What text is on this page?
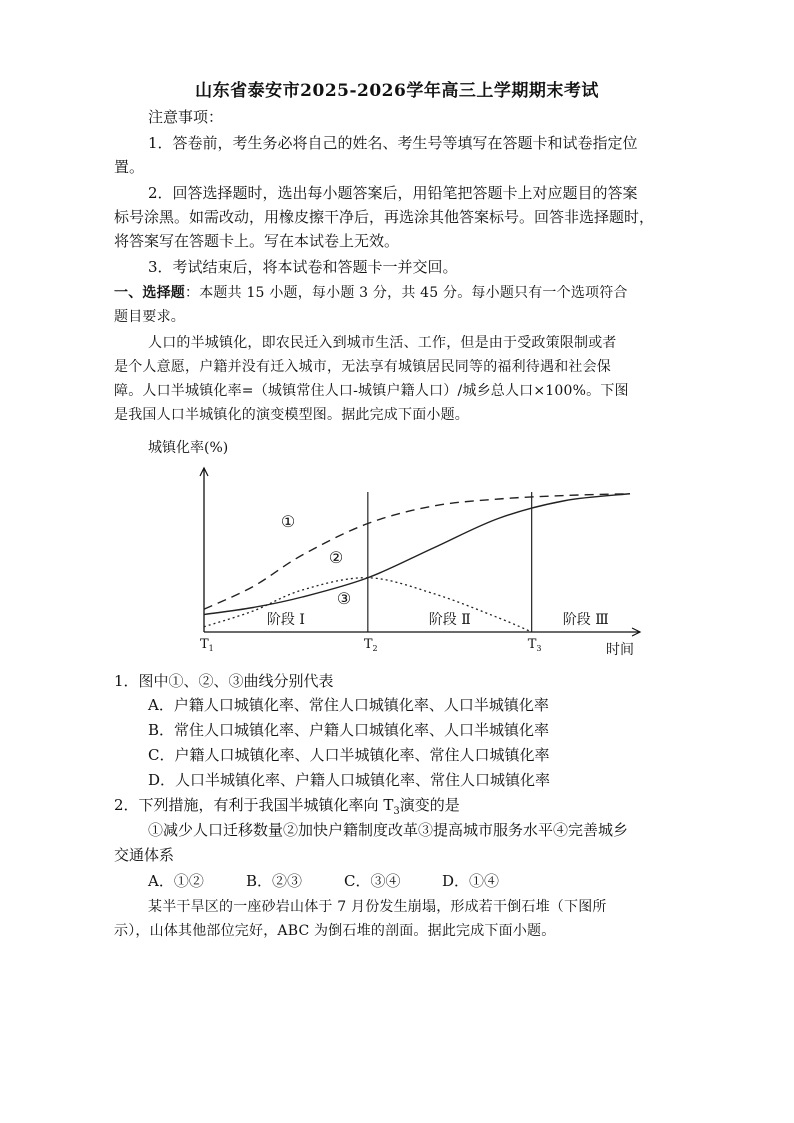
山东省泰安市2025-2026学年高三上学期期末考试
注意事项：
1．答卷前，考生务必将自己的姓名、考生号等填写在答题卡和试卷指定位
置。
2．回答选择题时，选出每小题答案后，用铅笔把答题卡上对应题目的答案
标号涂黑。如需改动，用橡皮擦干净后，再选涂其他答案标号。回答非选择题时，
将答案写在答题卡上。写在本试卷上无效。
3．考试结束后，将本试卷和答题卡一并交回。
一、选择题：本题共 15 小题，每小题 3 分，共 45 分。每小题只有一个选项符合
题目要求。
人口的半城镇化，即农民迁入到城市生活、工作，但是由于受政策限制或者
是个人意愿，户籍并没有迁入城市，无法享有城镇居民同等的福利待遇和社会保
障。人口半城镇化率=（城镇常住人口-城镇户籍人口）/城乡总人口×100%。下图
是我国人口半城镇化的演变模型图。据此完成下面小题。
城镇化率(%)
①
②
③
阶段 Ⅰ	阶段 Ⅱ	阶段 Ⅲ
$T_1$	$T_2$	$T_3$	时间
1．图中①、②、③曲线分别代表
A．户籍人口城镇化率、常住人口城镇化率、人口半城镇化率
B．常住人口城镇化率、户籍人口城镇化率、人口半城镇化率
C．户籍人口城镇化率、人口半城镇化率、常住人口城镇化率
D．人口半城镇化率、户籍人口城镇化率、常住人口城镇化率
2．下列措施，有利于我国半城镇化率向 $T_3$演变的是
①减少人口迁移数量②加快户籍制度改革③提高城市服务水平④完善城乡
交通体系
A．①②	B．②③	C．③④	D．①④
某半干旱区的一座砂岩山体于 7 月份发生崩塌，形成若干倒石堆（下图所
示），山体其他部位完好，ABC 为倒石堆的剖面。据此完成下面小题。
